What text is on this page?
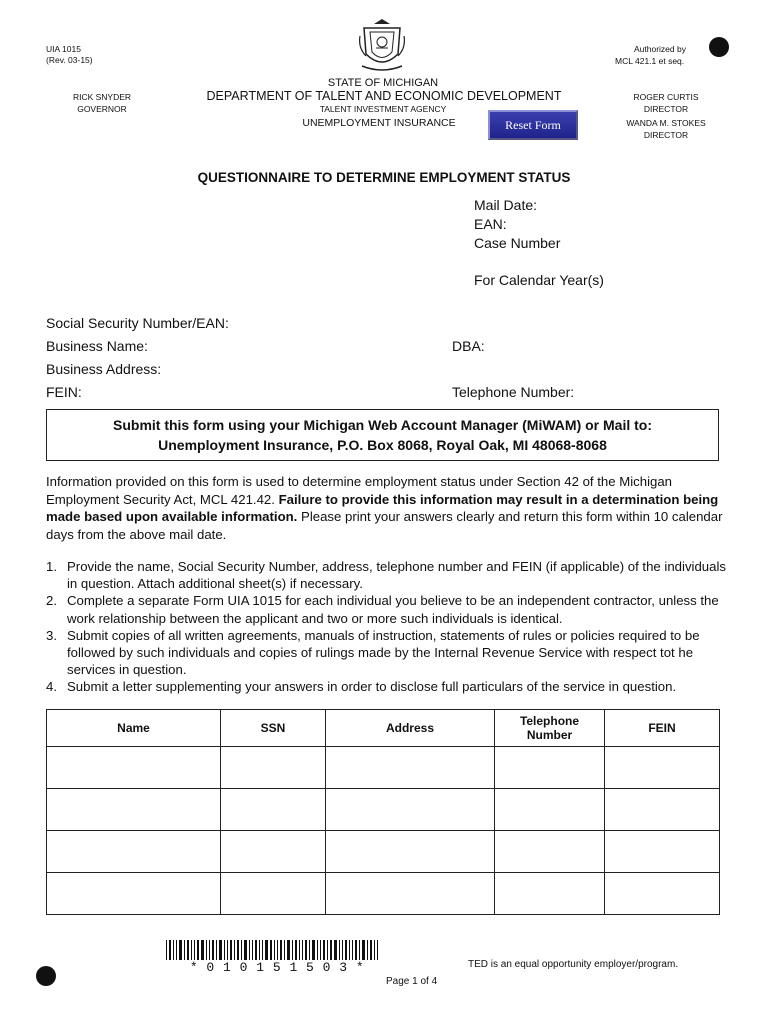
UIA 1015
(Rev. 03-15)
RICK SNYDER
GOVERNOR
STATE OF MICHIGAN
DEPARTMENT OF TALENT AND ECONOMIC DEVELOPMENT
TALENT INVESTMENT AGENCY
UNEMPLOYMENT INSURANCE	Reset Form
Authorized by
MCL 421.1 et seq.
ROGER CURTIS
DIRECTOR
WANDA M. STOKES
DIRECTOR
QUESTIONNAIRE TO DETERMINE EMPLOYMENT STATUS
Mail Date:
EAN:
Case Number
For Calendar Year(s)
Social Security Number/EAN:
Business Name:	DBA:
Business Address:
FEIN:	Telephone Number:
Submit this form using your Michigan Web Account Manager (MiWAM) or Mail to:
Unemployment Insurance, P.O. Box 8068, Royal Oak, MI 48068-8068
Information provided on this form is used to determine employment status under Section 42 of the Michigan Employment Security Act, MCL 421.42. Failure to provide this information may result in a determination being made based upon available information. Please print your answers clearly and return this form within 10 calendar days from the above mail date.
1. Provide the name, Social Security Number, address, telephone number and FEIN (if applicable) of the individuals in question. Attach additional sheet(s) if necessary.
2. Complete a separate Form UIA 1015 for each individual you believe to be an independent contractor, unless the work relationship between the applicant and two or more such individuals is identical.
3. Submit copies of all written agreements, manuals of instruction, statements of rules or policies required to be followed by such individuals and copies of rulings made by the Internal Revenue Service with respect tot he services in question.
4. Submit a letter supplementing your answers in order to disclose full particulars of the service in question.
Name	SSN	Address	Telephone Number	FEIN

* 0 1 0 1 5 1 5 0 3 *	TED is an equal opportunity employer/program.
Page 1 of 4
